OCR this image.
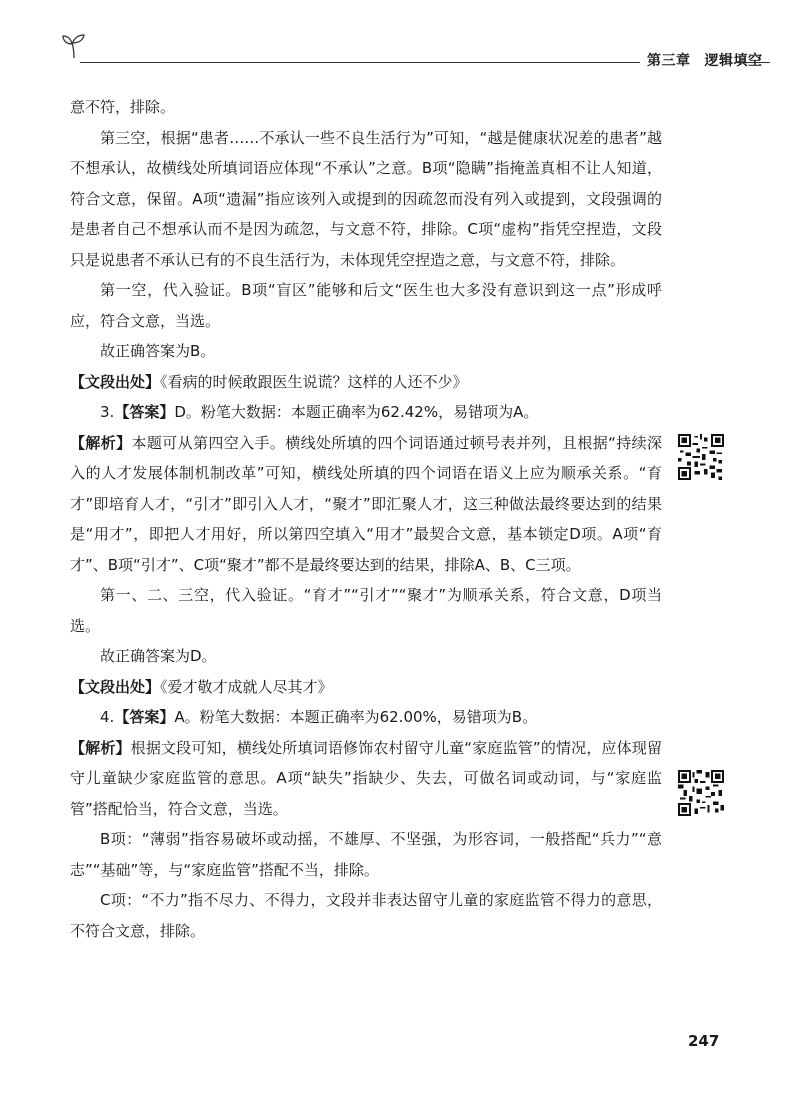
第三章 逻辑填空

意不符，排除。

第三空，根据“患者……不承认一些不良生活行为”可知，“越是健康状况差的患者”越不想承认，故横线处所填词语应体现“不承认”之意。B项“隐瞒”指掩盖真相不让人知道，符合文意，保留。A项“遗漏”指应该列入或提到的因疏忽而没有列入或提到，文段强调的是患者自己不想承认而不是因为疏忽，与文意不符，排除。C项“虚构”指凭空捏造，文段只是说患者不承认已有的不良生活行为，未体现凭空捏造之意，与文意不符，排除。

第一空，代入验证。B项“盲区”能够和后文“医生也大多没有意识到这一点”形成呼应，符合文意，当选。

故正确答案为B。

【文段出处】《看病的时候敢跟医生说谎？这样的人还不少》

3.【答案】D。粉笔大数据：本题正确率为62.42%，易错项为A。

【解析】本题可从第四空入手。横线处所填的四个词语通过顿号表并列，且根据“持续深入的人才发展体制机制改革”可知，横线处所填的四个词语在语义上应为顺承关系。“育才”即培育人才，“引才”即引入人才，“聚才”即汇聚人才，这三种做法最终要达到的结果是“用才”，即把人才用好，所以第四空填入“用才”最契合文意，基本锁定D项。A项“育才”、B项“引才”、C项“聚才”都不是最终要达到的结果，排除A、B、C三项。

第一、二、三空，代入验证。“育才”“引才”“聚才”为顺承关系，符合文意，D项当选。

故正确答案为D。

【文段出处】《爱才敬才成就人尽其才》

4.【答案】A。粉笔大数据：本题正确率为62.00%，易错项为B。

【解析】根据文段可知，横线处所填词语修饰农村留守儿童“家庭监管”的情况，应体现留守儿童缺少家庭监管的意思。A项“缺失”指缺少、失去，可做名词或动词，与“家庭监管”搭配恰当，符合文意，当选。

B项：“薄弱”指容易破坏或动摇，不雄厚、不坚强，为形容词，一般搭配“兵力”“意志”“基础”等，与“家庭监管”搭配不当，排除。

C项：“不力”指不尽力、不得力，文段并非表达留守儿童的家庭监管不得力的意思，不符合文意，排除。

247
